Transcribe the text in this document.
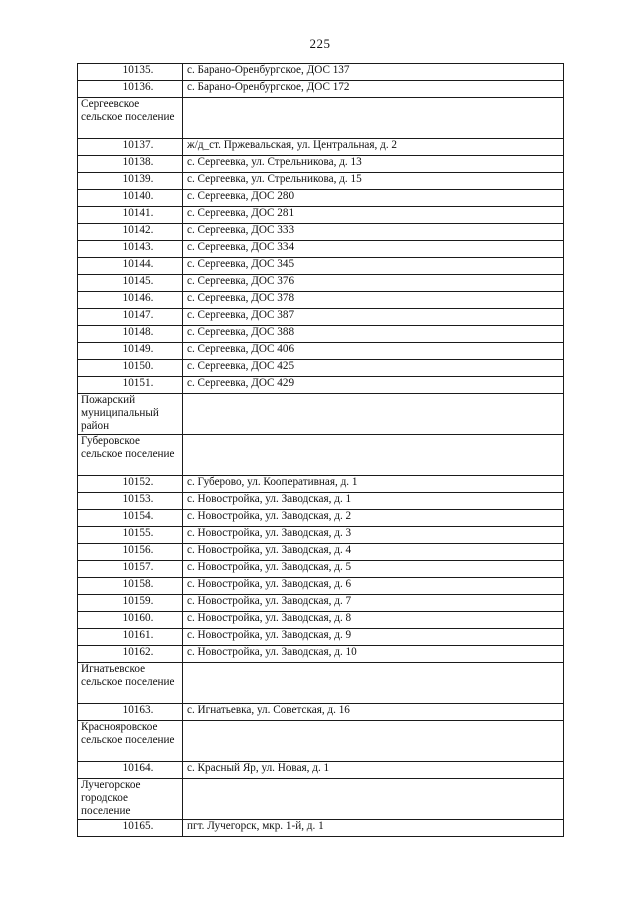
225
10135.	с. Барано-Оренбургское, ДОС 137
10136.	с. Барано-Оренбургское, ДОС 172
Сергеевское сельское поселение	
10137.	ж/д_ст. Пржевальская, ул. Центральная, д. 2
10138.	с. Сергеевка, ул. Стрельникова, д. 13
10139.	с. Сергеевка, ул. Стрельникова, д. 15
10140.	с. Сергеевка, ДОС 280
10141.	с. Сергеевка, ДОС 281
10142.	с. Сергеевка, ДОС 333
10143.	с. Сергеевка, ДОС 334
10144.	с. Сергеевка, ДОС 345
10145.	с. Сергеевка, ДОС 376
10146.	с. Сергеевка, ДОС 378
10147.	с. Сергеевка, ДОС 387
10148.	с. Сергеевка, ДОС 388
10149.	с. Сергеевка, ДОС 406
10150.	с. Сергеевка, ДОС 425
10151.	с. Сергеевка, ДОС 429
Пожарский муниципальный район	
Губеровское сельское поселение	
10152.	с. Губерово, ул. Кооперативная, д. 1
10153.	с. Новостройка, ул. Заводская, д. 1
10154.	с. Новостройка, ул. Заводская, д. 2
10155.	с. Новостройка, ул. Заводская, д. 3
10156.	с. Новостройка, ул. Заводская, д. 4
10157.	с. Новостройка, ул. Заводская, д. 5
10158.	с. Новостройка, ул. Заводская, д. 6
10159.	с. Новостройка, ул. Заводская, д. 7
10160.	с. Новостройка, ул. Заводская, д. 8
10161.	с. Новостройка, ул. Заводская, д. 9
10162.	с. Новостройка, ул. Заводская, д. 10
Игнатьевское сельское поселение	
10163.	с. Игнатьевка, ул. Советская, д. 16
Краснояровское сельское поселение	
10164.	с. Красный Яр, ул. Новая, д. 1
Лучегорское городское поселение	
10165.	пгт. Лучегорск, мкр. 1-й, д. 1
